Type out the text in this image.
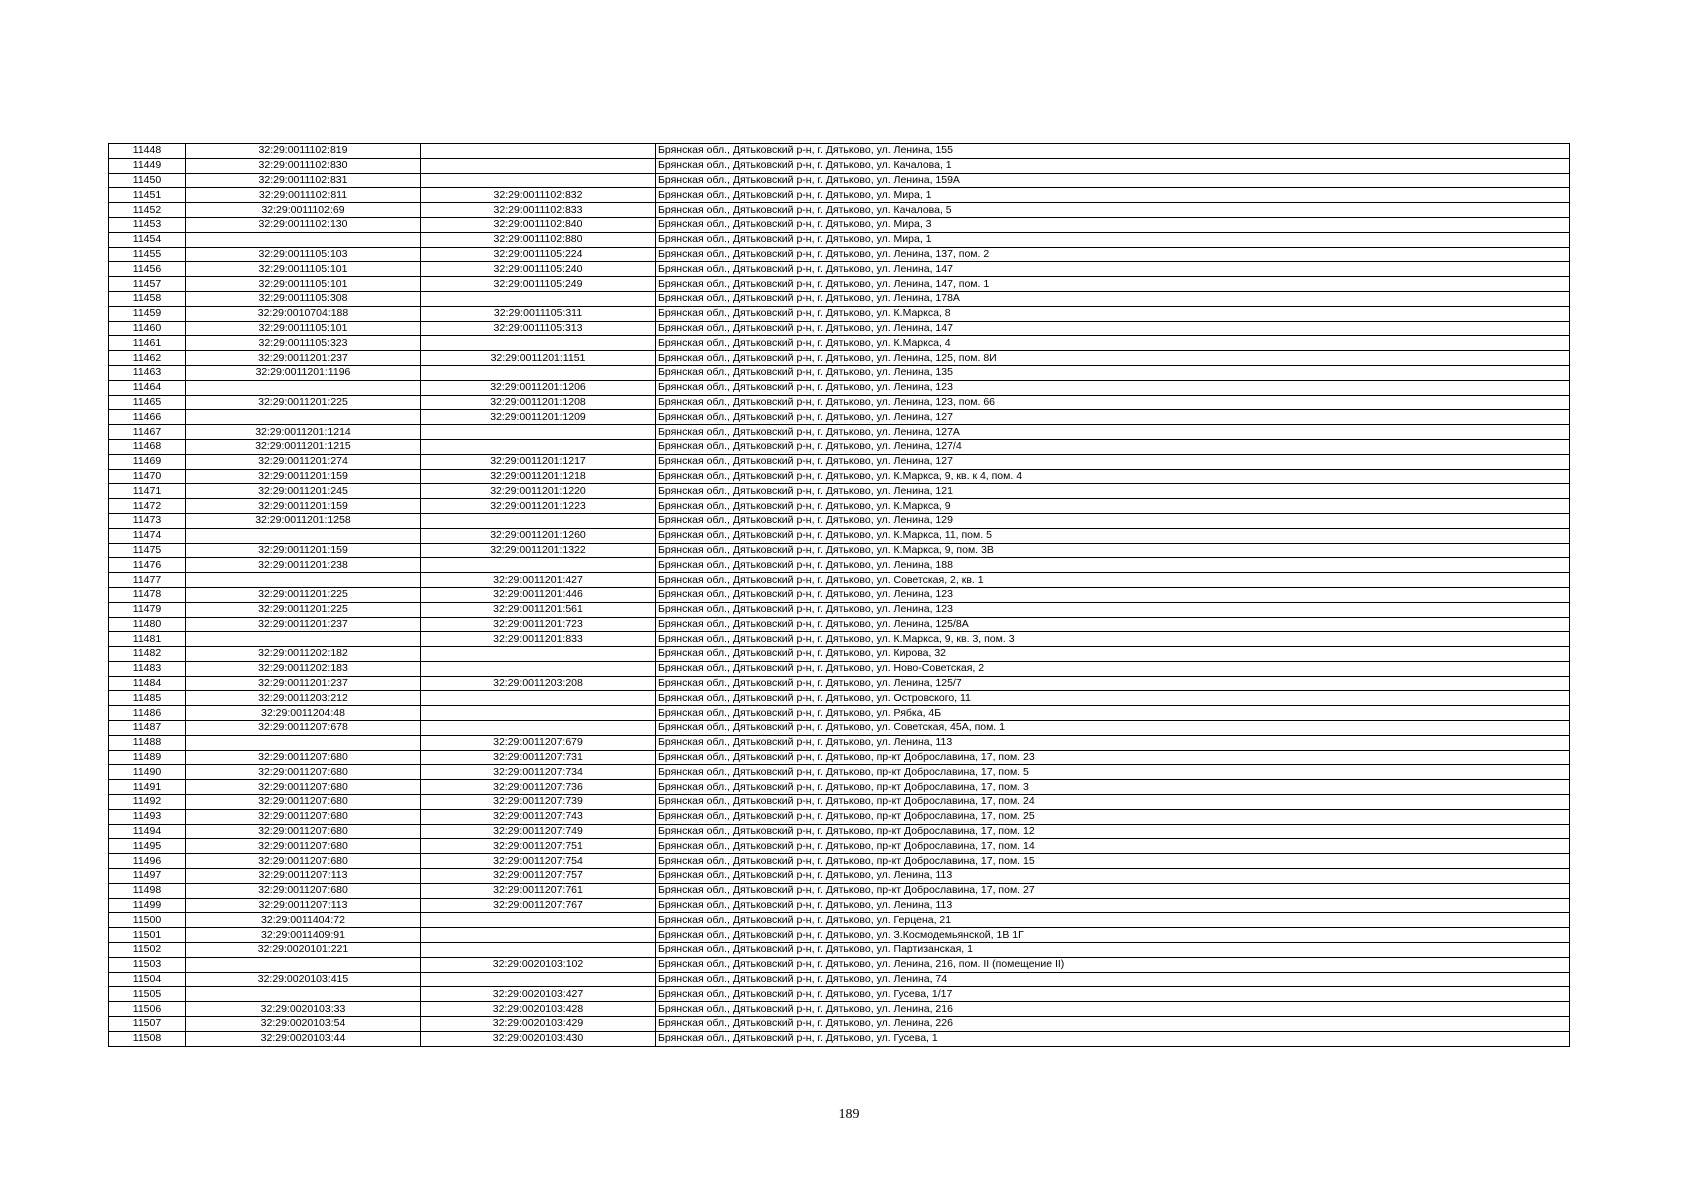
11448	32:29:0011102:819		Брянская обл., Дятьковский р-н, г. Дятьково, ул. Ленина, 155
11449	32:29:0011102:830		Брянская обл., Дятьковский р-н, г. Дятьково, ул. Качалова, 1
11450	32:29:0011102:831		Брянская обл., Дятьковский р-н, г. Дятьково, ул. Ленина, 159А
11451	32:29:0011102:811	32:29:0011102:832	Брянская обл., Дятьковский р-н, г. Дятьково, ул. Мира, 1
11452	32:29:0011102:69	32:29:0011102:833	Брянская обл., Дятьковский р-н, г. Дятьково, ул. Качалова, 5
11453	32:29:0011102:130	32:29:0011102:840	Брянская обл., Дятьковский р-н, г. Дятьково, ул. Мира, 3
11454		32:29:0011102:880	Брянская обл., Дятьковский р-н, г. Дятьково, ул. Мира, 1
11455	32:29:0011105:103	32:29:0011105:224	Брянская обл., Дятьковский р-н, г. Дятьково, ул. Ленина, 137, пом. 2
11456	32:29:0011105:101	32:29:0011105:240	Брянская обл., Дятьковский р-н, г. Дятьково, ул. Ленина, 147
11457	32:29:0011105:101	32:29:0011105:249	Брянская обл., Дятьковский р-н, г. Дятьково, ул. Ленина, 147, пом. 1
11458	32:29:0011105:308		Брянская обл., Дятьковский р-н, г. Дятьково, ул. Ленина, 178А
11459	32:29:0010704:188	32:29:0011105:311	Брянская обл., Дятьковский р-н, г. Дятьково, ул. К.Маркса, 8
11460	32:29:0011105:101	32:29:0011105:313	Брянская обл., Дятьковский р-н, г. Дятьково, ул. Ленина, 147
11461	32:29:0011105:323		Брянская обл., Дятьковский р-н, г. Дятьково, ул. К.Маркса, 4
11462	32:29:0011201:237	32:29:0011201:1151	Брянская обл., Дятьковский р-н, г. Дятьково, ул. Ленина, 125, пом. 8И
11463	32:29:0011201:1196		Брянская обл., Дятьковский р-н, г. Дятьково, ул. Ленина, 135
11464		32:29:0011201:1206	Брянская обл., Дятьковский р-н, г. Дятьково, ул. Ленина, 123
11465	32:29:0011201:225	32:29:0011201:1208	Брянская обл., Дятьковский р-н, г. Дятьково, ул. Ленина, 123, пом. 66
11466		32:29:0011201:1209	Брянская обл., Дятьковский р-н, г. Дятьково, ул. Ленина, 127
11467	32:29:0011201:1214		Брянская обл., Дятьковский р-н, г. Дятьково, ул. Ленина, 127А
11468	32:29:0011201:1215		Брянская обл., Дятьковский р-н, г. Дятьково, ул. Ленина, 127/4
11469	32:29:0011201:274	32:29:0011201:1217	Брянская обл., Дятьковский р-н, г. Дятьково, ул. Ленина, 127
11470	32:29:0011201:159	32:29:0011201:1218	Брянская обл., Дятьковский р-н, г. Дятьково, ул. К.Маркса, 9, кв. к 4, пом. 4
11471	32:29:0011201:245	32:29:0011201:1220	Брянская обл., Дятьковский р-н, г. Дятьково, ул. Ленина, 121
11472	32:29:0011201:159	32:29:0011201:1223	Брянская обл., Дятьковский р-н, г. Дятьково, ул. К.Маркса, 9
11473	32:29:0011201:1258		Брянская обл., Дятьковский р-н, г. Дятьково, ул. Ленина, 129
11474		32:29:0011201:1260	Брянская обл., Дятьковский р-н, г. Дятьково, ул. К.Маркса, 11, пом. 5
11475	32:29:0011201:159	32:29:0011201:1322	Брянская обл., Дятьковский р-н, г. Дятьково, ул. К.Маркса, 9, пом. 3В
11476	32:29:0011201:238		Брянская обл., Дятьковский р-н, г. Дятьково, ул. Ленина, 188
11477		32:29:0011201:427	Брянская обл., Дятьковский р-н, г. Дятьково, ул. Советская, 2, кв. 1
11478	32:29:0011201:225	32:29:0011201:446	Брянская обл., Дятьковский р-н, г. Дятьково, ул. Ленина, 123
11479	32:29:0011201:225	32:29:0011201:561	Брянская обл., Дятьковский р-н, г. Дятьково, ул. Ленина, 123
11480	32:29:0011201:237	32:29:0011201:723	Брянская обл., Дятьковский р-н, г. Дятьково, ул. Ленина, 125/8А
11481		32:29:0011201:833	Брянская обл., Дятьковский р-н, г. Дятьково, ул. К.Маркса, 9, кв. 3, пом. 3
11482	32:29:0011202:182		Брянская обл., Дятьковский р-н, г. Дятьково, ул. Кирова, 32
11483	32:29:0011202:183		Брянская обл., Дятьковский р-н, г. Дятьково, ул. Ново-Советская, 2
11484	32:29:0011201:237	32:29:0011203:208	Брянская обл., Дятьковский р-н, г. Дятьково, ул. Ленина, 125/7
11485	32:29:0011203:212		Брянская обл., Дятьковский р-н, г. Дятьково, ул. Островского, 11
11486	32:29:0011204:48		Брянская обл., Дятьковский р-н, г. Дятьково, ул. Рябка, 4Б
11487	32:29:0011207:678		Брянская обл., Дятьковский р-н, г. Дятьково, ул. Советская, 45А, пом. 1
11488		32:29:0011207:679	Брянская обл., Дятьковский р-н, г. Дятьково, ул. Ленина, 113
11489	32:29:0011207:680	32:29:0011207:731	Брянская обл., Дятьковский р-н, г. Дятьково, пр-кт Доброславина, 17, пом. 23
11490	32:29:0011207:680	32:29:0011207:734	Брянская обл., Дятьковский р-н, г. Дятьково, пр-кт Доброславина, 17, пом. 5
11491	32:29:0011207:680	32:29:0011207:736	Брянская обл., Дятьковский р-н, г. Дятьково, пр-кт Доброславина, 17, пом. 3
11492	32:29:0011207:680	32:29:0011207:739	Брянская обл., Дятьковский р-н, г. Дятьково, пр-кт Доброславина, 17, пом. 24
11493	32:29:0011207:680	32:29:0011207:743	Брянская обл., Дятьковский р-н, г. Дятьково, пр-кт Доброславина, 17, пом. 25
11494	32:29:0011207:680	32:29:0011207:749	Брянская обл., Дятьковский р-н, г. Дятьково, пр-кт Доброславина, 17, пом. 12
11495	32:29:0011207:680	32:29:0011207:751	Брянская обл., Дятьковский р-н, г. Дятьково, пр-кт Доброславина, 17, пом. 14
11496	32:29:0011207:680	32:29:0011207:754	Брянская обл., Дятьковский р-н, г. Дятьково, пр-кт Доброславина, 17, пом. 15
11497	32:29:0011207:113	32:29:0011207:757	Брянская обл., Дятьковский р-н, г. Дятьково, ул. Ленина, 113
11498	32:29:0011207:680	32:29:0011207:761	Брянская обл., Дятьковский р-н, г. Дятьково, пр-кт Доброславина, 17, пом. 27
11499	32:29:0011207:113	32:29:0011207:767	Брянская обл., Дятьковский р-н, г. Дятьково, ул. Ленина, 113
11500	32:29:0011404:72		Брянская обл., Дятьковский р-н, г. Дятьково, ул. Герцена, 21
11501	32:29:0011409:91		Брянская обл., Дятьковский р-н, г. Дятьково, ул. З.Космодемьянской, 1В 1Г
11502	32:29:0020101:221		Брянская обл., Дятьковский р-н, г. Дятьково, ул. Партизанская, 1
11503		32:29:0020103:102	Брянская обл., Дятьковский р-н, г. Дятьково, ул. Ленина, 216, пом. II (помещение II)
11504	32:29:0020103:415		Брянская обл., Дятьковский р-н, г. Дятьково, ул. Ленина, 74
11505		32:29:0020103:427	Брянская обл., Дятьковский р-н, г. Дятьково, ул. Гусева, 1/17
11506	32:29:0020103:33	32:29:0020103:428	Брянская обл., Дятьковский р-н, г. Дятьково, ул. Ленина, 216
11507	32:29:0020103:54	32:29:0020103:429	Брянская обл., Дятьковский р-н, г. Дятьково, ул. Ленина, 226
11508	32:29:0020103:44	32:29:0020103:430	Брянская обл., Дятьковский р-н, г. Дятьково, ул. Гусева, 1
189
